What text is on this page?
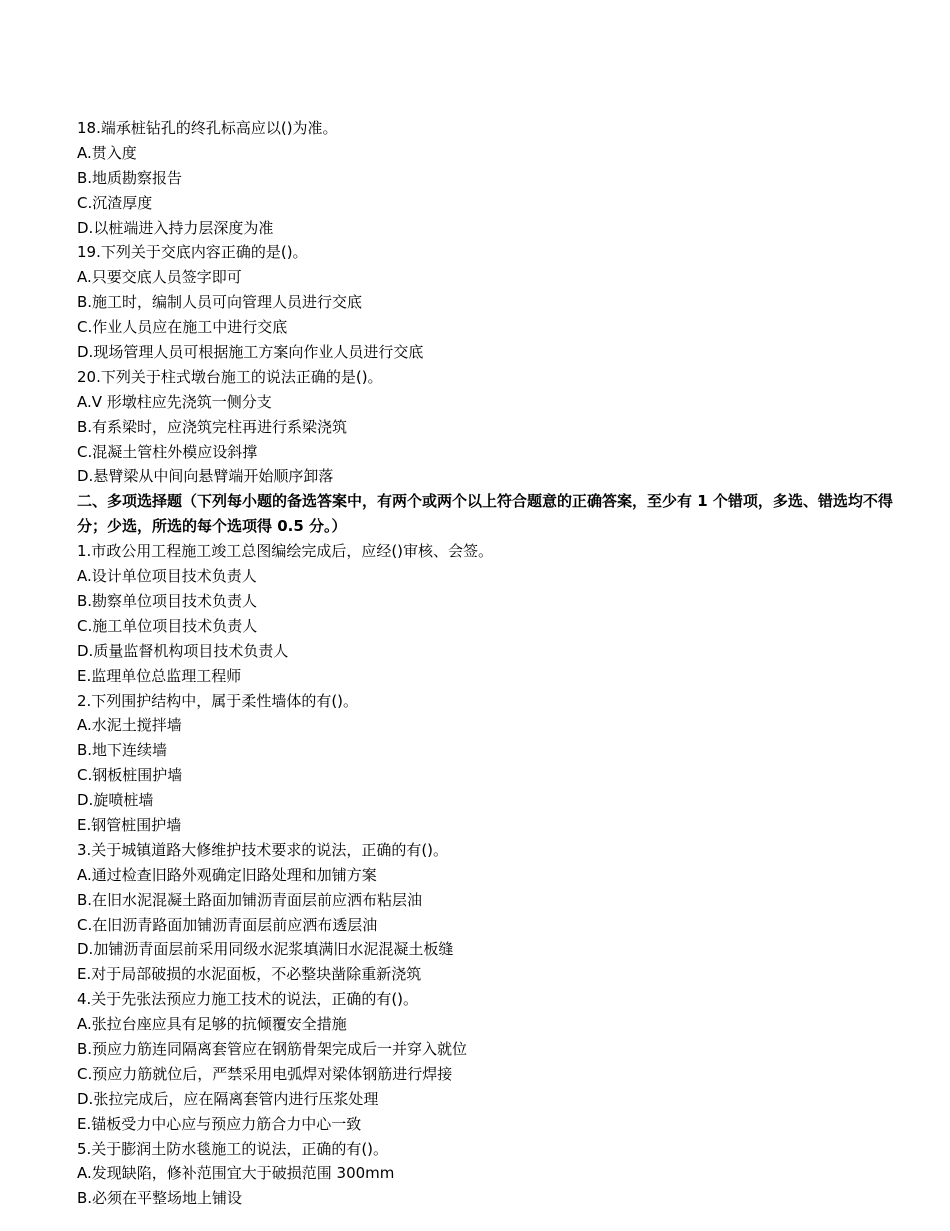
18.端承桩钻孔的终孔标高应以()为准。

A.贯入度

B.地质勘察报告

C.沉渣厚度

D.以桩端进入持力层深度为准

19.下列关于交底内容正确的是()。

A.只要交底人员签字即可

B.施工时，编制人员可向管理人员进行交底

C.作业人员应在施工中进行交底

D.现场管理人员可根据施工方案向作业人员进行交底

20.下列关于柱式墩台施工的说法正确的是()。

A.V 形墩柱应先浇筑一侧分支

B.有系梁时，应浇筑完柱再进行系梁浇筑

C.混凝土管柱外模应设斜撑

D.悬臂梁从中间向悬臂端开始顺序卸落

二、多项选择题（下列每小题的备选答案中，有两个或两个以上符合题意的正确答案，至少有 1 个错项，多选、错选均不得分；少选，所选的每个选项得 0.5 分。）

1.市政公用工程施工竣工总图编绘完成后，应经()审核、会签。

A.设计单位项目技术负责人

B.勘察单位项目技术负责人

C.施工单位项目技术负责人

D.质量监督机构项目技术负责人

E.监理单位总监理工程师

2.下列围护结构中，属于柔性墙体的有()。

A.水泥土搅拌墙

B.地下连续墙

C.钢板桩围护墙

D.旋喷桩墙

E.钢管桩围护墙

3.关于城镇道路大修维护技术要求的说法，正确的有()。

A.通过检查旧路外观确定旧路处理和加铺方案

B.在旧水泥混凝土路面加铺沥青面层前应洒布粘层油

C.在旧沥青路面加铺沥青面层前应洒布透层油

D.加铺沥青面层前采用同级水泥浆填满旧水泥混凝土板缝

E.对于局部破损的水泥面板，不必整块凿除重新浇筑

4.关于先张法预应力施工技术的说法，正确的有()。

A.张拉台座应具有足够的抗倾覆安全措施

B.预应力筋连同隔离套管应在钢筋骨架完成后一并穿入就位

C.预应力筋就位后，严禁采用电弧焊对梁体钢筋进行焊接

D.张拉完成后，应在隔离套管内进行压浆处理

E.锚板受力中心应与预应力筋合力中心一致

5.关于膨润土防水毯施工的说法，正确的有()。

A.发现缺陷，修补范围宜大于破损范围 300mm

B.必须在平整场地上铺设
